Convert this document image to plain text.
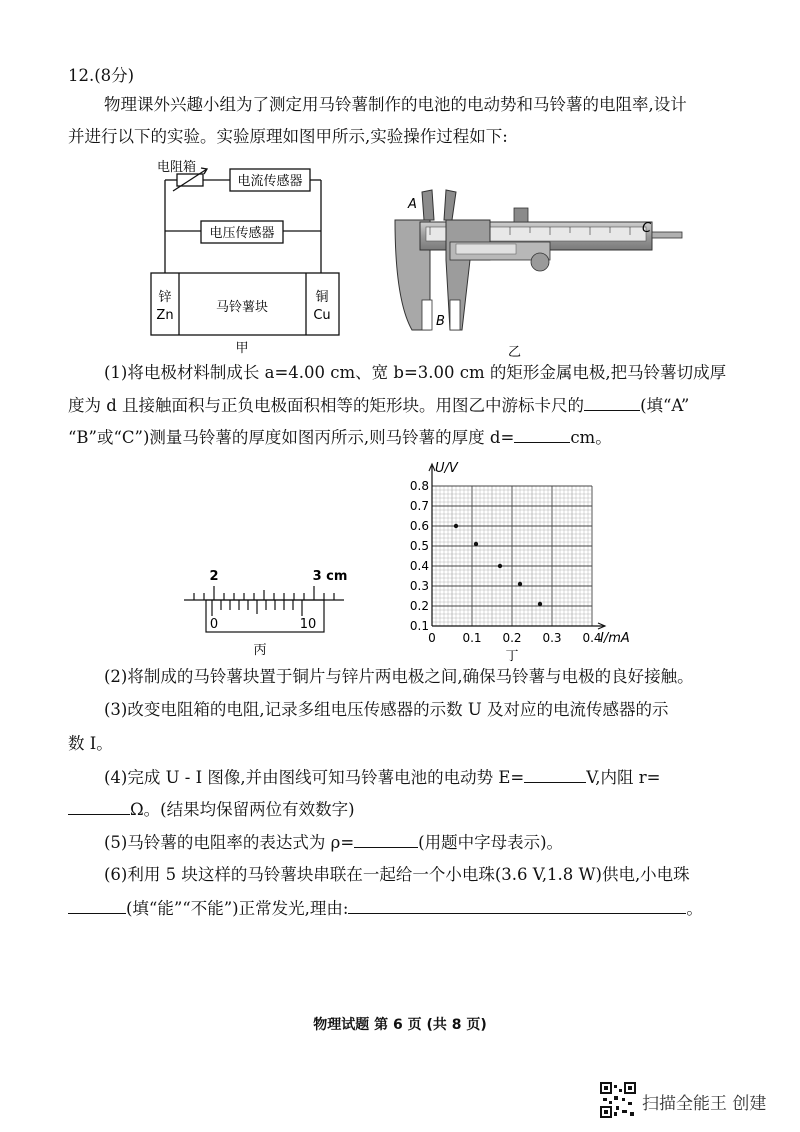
12.(8分)
物理课外兴趣小组为了测定用马铃薯制作的电池的电动势和马铃薯的电阻率,设计
并进行以下的实验。实验原理如图甲所示,实验操作过程如下:
电阻箱
电流传感器
电压传感器
锌
Zn
马铃薯块
铜
Cu
甲
A
B
C
乙
(1)将电极材料制成长 a=4.00 cm、宽 b=3.00 cm 的矩形金属电极,把马铃薯切成厚
度为 d 且接触面积与正负电极面积相等的矩形块。用图乙中游标卡尺的	(填“A”
“B”或“C”)测量马铃薯的厚度如图丙所示,则马铃薯的厚度 d=	cm。
2	3 cm
0	10
丙
0.1
0.2
0.3
0.4
0.5
0.6
0.7
0.8
0 0.1 0.2 0.3 0.4
U/V
I/mA
丁
(2)将制成的马铃薯块置于铜片与锌片两电极之间,确保马铃薯与电极的良好接触。
(3)改变电阻箱的电阻,记录多组电压传感器的示数 U 及对应的电流传感器的示
数 I。
(4)完成 U - I 图像,并由图线可知马铃薯电池的电动势 E=	V,内阻 r=
Ω。(结果均保留两位有效数字)
(5)马铃薯的电阻率的表达式为 ρ=	(用题中字母表示)。
(6)利用 5 块这样的马铃薯块串联在一起给一个小电珠(3.6 V,1.8 W)供电,小电珠
(填“能”“不能”)正常发光,理由:	。
物理试题 第 6 页 (共 8 页)
扫描全能王 创建
